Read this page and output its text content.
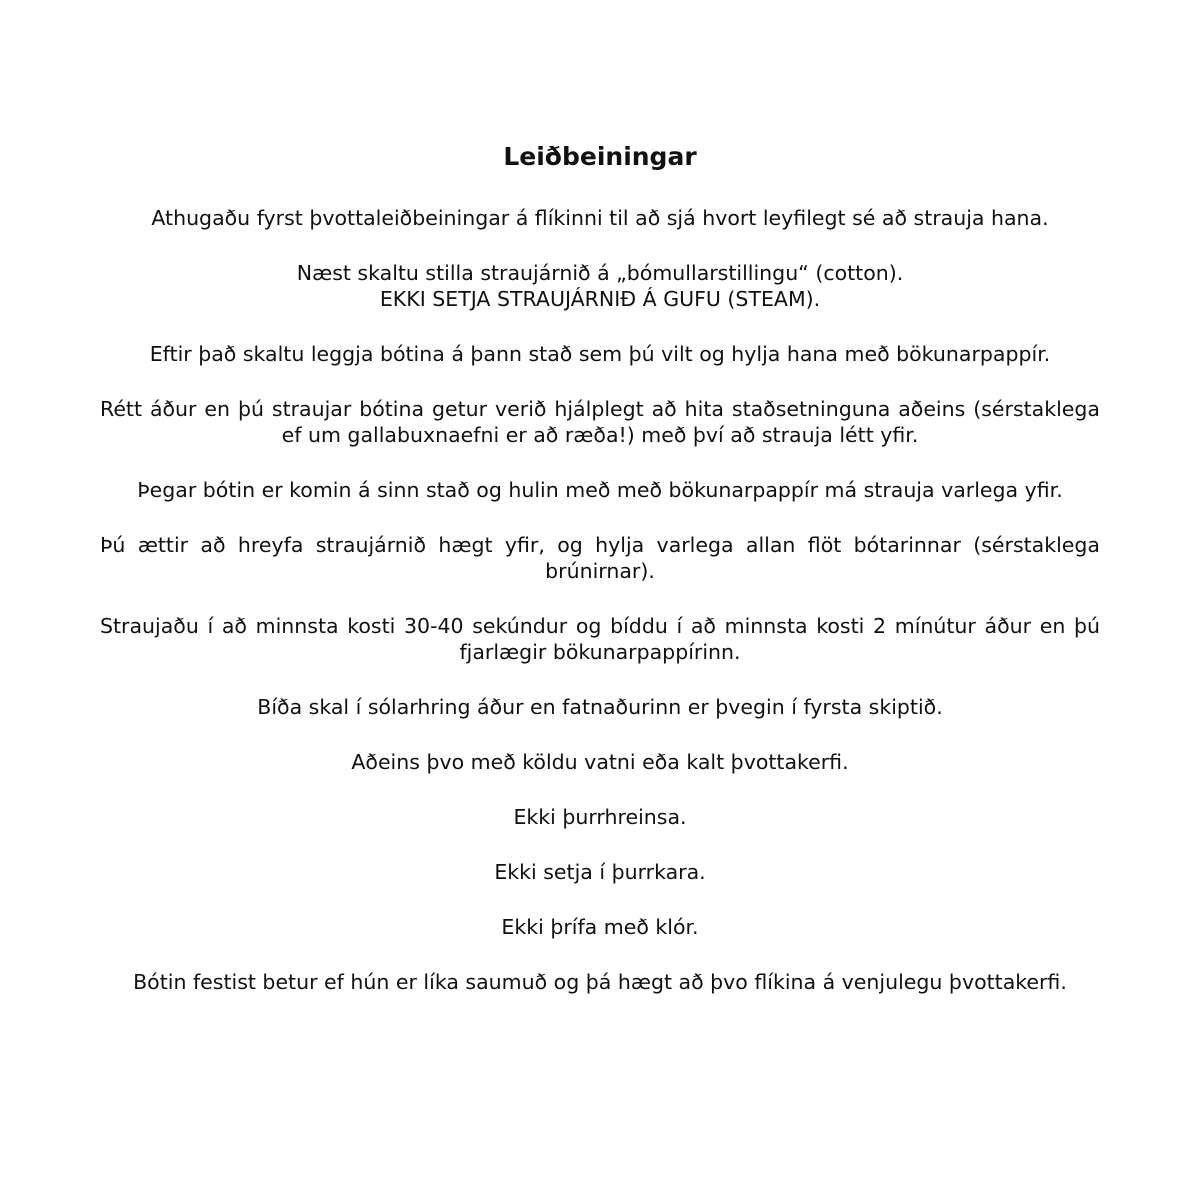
Leiðbeiningar

Athugaðu fyrst þvottaleiðbeiningar á flíkinni til að sjá hvort leyfilegt sé að strauja hana.

Næst skaltu stilla straujárnið á „bómullarstillingu“ (cotton).
EKKI SETJA STRAUJÁRNIÐ Á GUFU (STEAM).

Eftir það skaltu leggja bótina á þann stað sem þú vilt og hylja hana með bökunarpappír.

Rétt áður en þú straujar bótina getur verið hjálplegt að hita staðsetninguna aðeins (sérstaklega ef um gallabuxnaefni er að ræða!) með því að strauja létt yfir.

Þegar bótin er komin á sinn stað og hulin með með bökunarpappír má strauja varlega yfir.

Þú ættir að hreyfa straujárnið hægt yfir, og hylja varlega allan flöt bótarinnar (sérstaklega brúnirnar).

Straujaðu í að minnsta kosti 30-40 sekúndur og bíddu í að minnsta kosti 2 mínútur áður en þú fjarlægir bökunarpappírinn.

Bíða skal í sólarhring áður en fatnaðurinn er þvegin í fyrsta skiptið.

Aðeins þvo með köldu vatni eða kalt þvottakerfi.

Ekki þurrhreinsa.

Ekki setja í þurrkara.

Ekki þrífa með klór.

Bótin festist betur ef hún er líka saumuð og þá hægt að þvo flíkina á venjulegu þvottakerfi.
